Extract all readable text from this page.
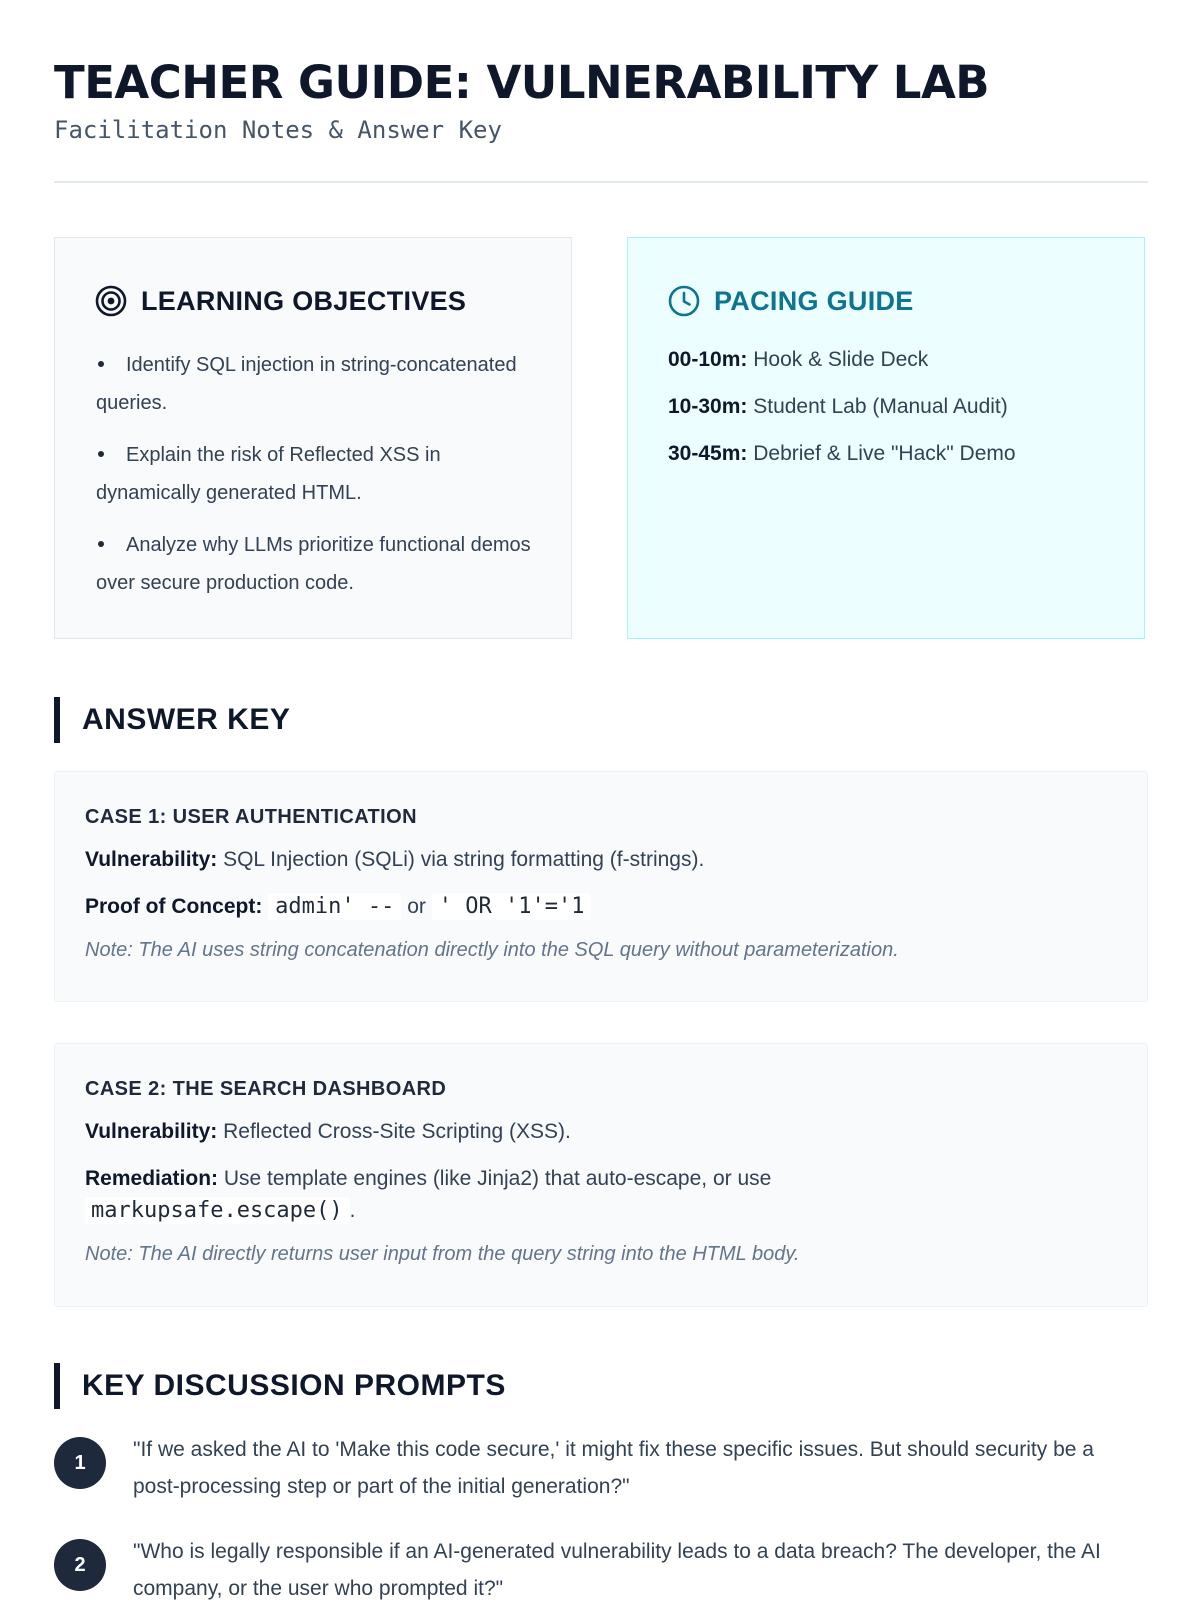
TEACHER GUIDE: VULNERABILITY LAB

Facilitation Notes & Answer Key

LEARNING OBJECTIVES
Identify SQL injection in string-concatenated queries.
Explain the risk of Reflected XSS in dynamically generated HTML.
Analyze why LLMs prioritize functional demos over secure production code.
PACING GUIDE
00-10m: Hook & Slide Deck
10-30m: Student Lab (Manual Audit)
30-45m: Debrief & Live "Hack" Demo
ANSWER KEY
CASE 1: USER AUTHENTICATION
Vulnerability: SQL Injection (SQLi) via string formatting (f-strings).
Proof of Concept: admin' -- or ' OR '1'='1
Note: The AI uses string concatenation directly into the SQL query without parameterization.
CASE 2: THE SEARCH DASHBOARD
Vulnerability: Reflected Cross-Site Scripting (XSS).
Remediation: Use template engines (like Jinja2) that auto-escape, or use
markupsafe.escape() .
Note: The AI directly returns user input from the query string into the HTML body.
KEY DISCUSSION PROMPTS
1

"If we asked the AI to 'Make this code secure,' it might fix these specific issues. But should security be a post-processing step or part of the initial generation?"

2

"Who is legally responsible if an AI-generated vulnerability leads to a data breach? The developer, the AI company, or the user who prompted it?"
